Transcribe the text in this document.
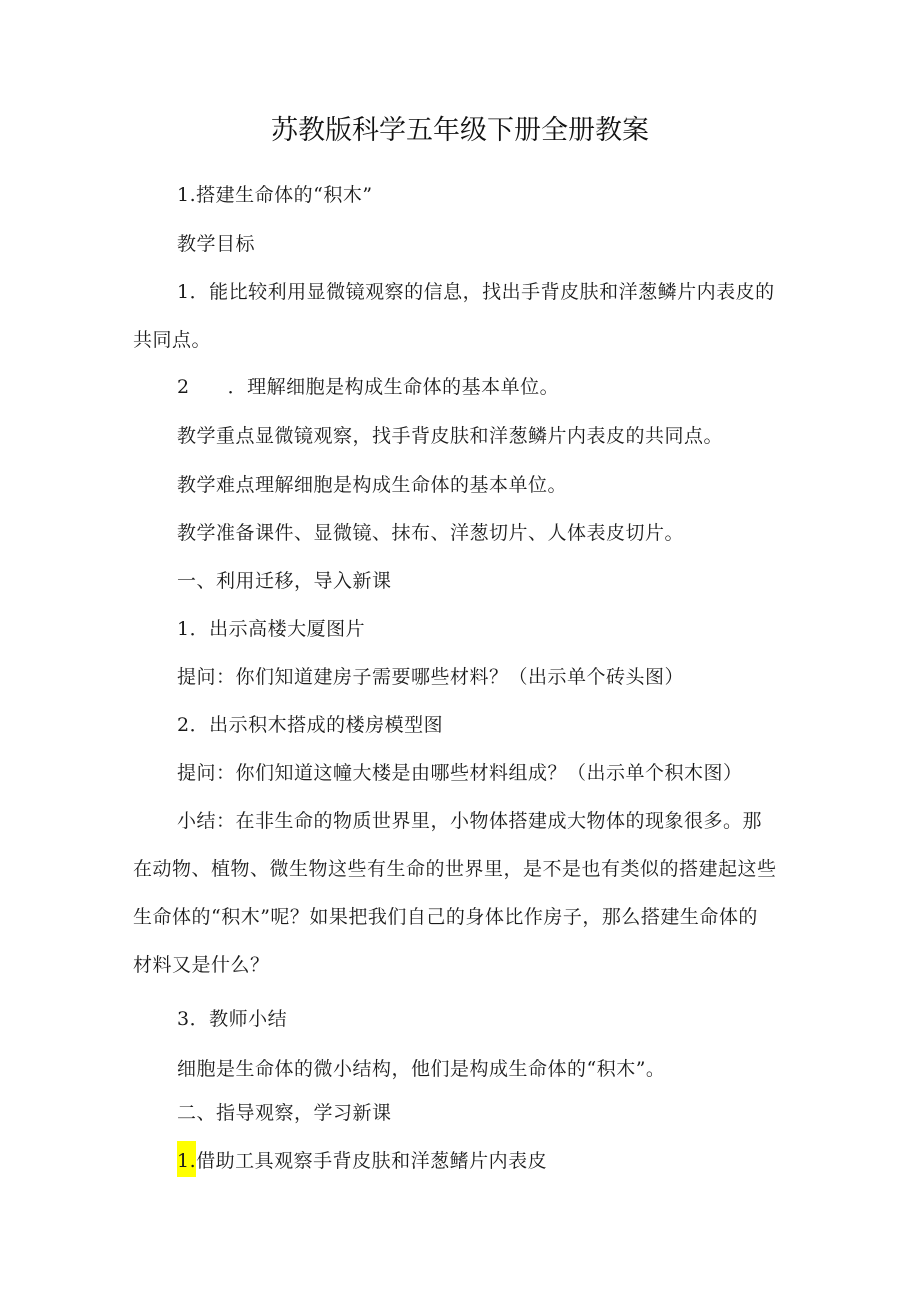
苏教版科学五年级下册全册教案
1.搭建生命体的“积木”
教学目标
1．能比较利用显微镜观察的信息，找出手背皮肤和洋葱鳞片内表皮的
共同点。
2 ．理解细胞是构成生命体的基本单位。
教学重点显微镜观察，找手背皮肤和洋葱鳞片内表皮的共同点。
教学难点理解细胞是构成生命体的基本单位。
教学准备课件、显微镜、抹布、洋葱切片、人体表皮切片。
一、利用迁移，导入新课
1．出示高楼大厦图片
提问：你们知道建房子需要哪些材料？（出示单个砖头图）
2．出示积木搭成的楼房模型图
提问：你们知道这幢大楼是由哪些材料组成？（出示单个积木图）
小结：在非生命的物质世界里，小物体搭建成大物体的现象很多。那
在动物、植物、微生物这些有生命的世界里，是不是也有类似的搭建起这些
生命体的“积木”呢？如果把我们自己的身体比作房子，那么搭建生命体的
材料又是什么？
3．教师小结
细胞是生命体的微小结构，他们是构成生命体的“积木”。
二、指导观察，学习新课
1.借助工具观察手背皮肤和洋葱鳍片内表皮
